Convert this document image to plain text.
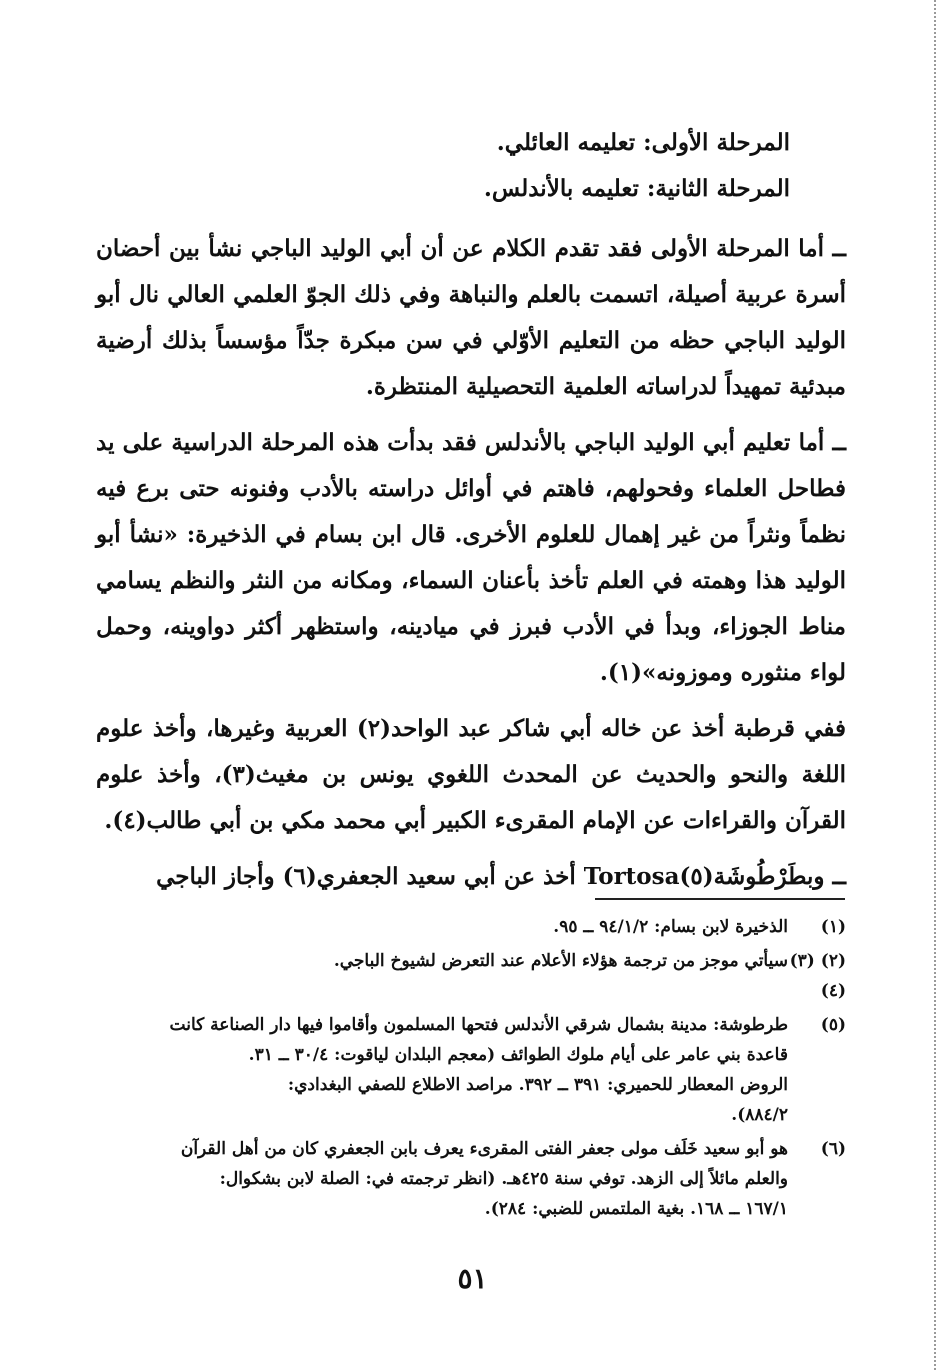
المرحلة الأولى: تعليمه العائلي.

المرحلة الثانية: تعليمه بالأندلس.

ــ أما المرحلة الأولى فقد تقدم الكلام عن أن أبي الوليد الباجي نشأ بين أحضان أسرة عربية أصيلة، اتسمت بالعلم والنباهة وفي ذلك الجوّ العلمي العالي نال أبو الوليد الباجي حظه من التعليم الأوّلي في سن مبكرة جدّاً مؤسساً بذلك أرضية مبدئية تمهيداً لدراساته العلمية التحصيلية المنتظرة.

ــ أما تعليم أبي الوليد الباجي بالأندلس فقد بدأت هذه المرحلة الدراسية على يد فطاحل العلماء وفحولهم، فاهتم في أوائل دراسته بالأدب وفنونه حتى برع فيه نظماً ونثراً من غير إهمال للعلوم الأخرى. قال ابن بسام في الذخيرة: «نشأ أبو الوليد هذا وهمته في العلم تأخذ بأعنان السماء، ومكانه من النثر والنظم يسامي مناط الجوزاء، وبدأ في الأدب فبرز في ميادينه، واستظهر أكثر دواوينه، وحمل لواء منثوره وموزونه»(١).

ففي قرطبة أخذ عن خاله أبي شاكر عبد الواحد(٢) العربية وغيرها، وأخذ علوم اللغة والنحو والحديث عن المحدث اللغوي يونس بن مغيث(٣)، وأخذ علوم القرآن والقراءات عن الإمام المقرىء الكبير أبي محمد مكي بن أبي طالب(٤).

ــ وبطَرْطُوشَة(٥)Tortosa أخذ عن أبي سعيد الجعفري(٦) وأجاز الباجي

(١)
الذخيرة لابن بسام: ٩٤/١/٢ ــ ٩٥.
(٢) (٣) (٤)
سيأتي موجز من ترجمة هؤلاء الأعلام عند التعرض لشيوخ الباجي.
(٥)
طرطوشة: مدينة بشمال شرقي الأندلس فتحها المسلمون وأقاموا فيها دار الصناعة كانت
قاعدة بني عامر على أيام ملوك الطوائف (معجم البلدان لياقوت: ٣٠/٤ ــ ٣١.
الروض المعطار للحميري: ٣٩١ ــ ٣٩٢. مراصد الاطلاع للصفي البغدادي:
٨٨٤/٢).
(٦)
هو أبو سعيد خَلَف مولى جعفر الفتى المقرىء يعرف بابن الجعفري كان من أهل القرآن
والعلم مائلاً إلى الزهد. توفي سنة ٤٢٥هـ. (انظر ترجمته في: الصلة لابن بشكوال:
١٦٧/١ ــ ١٦٨. بغية الملتمس للضبي: ٢٨٤).
٥١
